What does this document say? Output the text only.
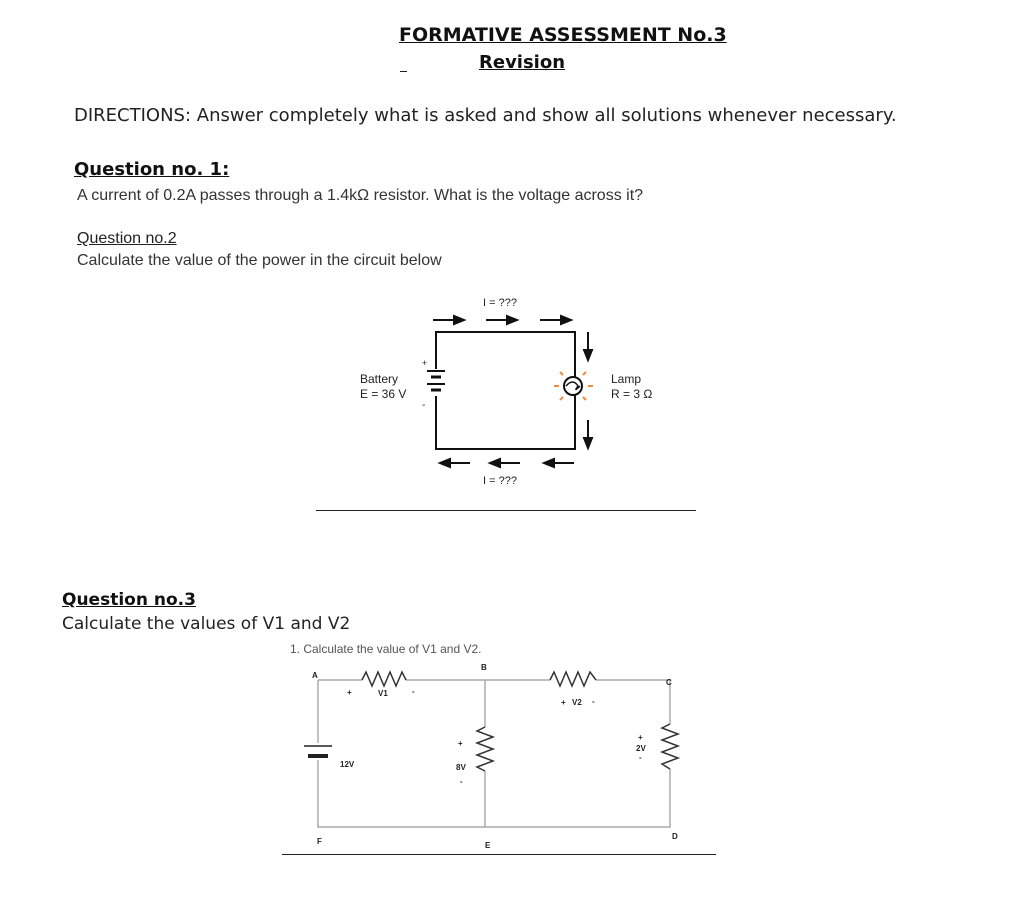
FORMATIVE ASSESSMENT No.3
Revision
DIRECTIONS: Answer completely what is asked and show all solutions whenever necessary.
Question no. 1:
A current of 0.2A passes through a 1.4kΩ resistor. What is the voltage across it?
Question no.2
Calculate the value of the power in the circuit below
+
-
Battery
E = 36 V
Lamp
R = 3 Ω
I = ???
I = ???
Question no.3
Calculate the values of V1 and V2
1. Calculate the value of V1 and V2.
A
B
C
D
E
F
V1
+	-
V2
+	-
12V	8V
+
-
2V
+
-
